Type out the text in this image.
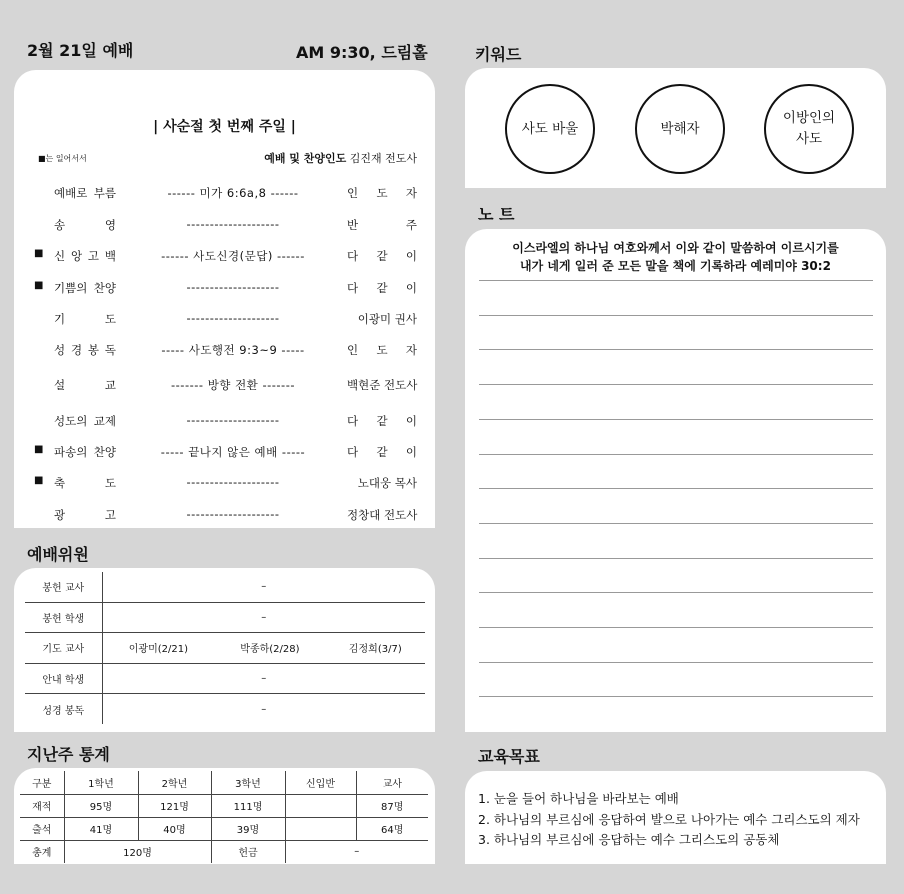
2월 21일 예배	AM 9:30, 드림홀
| 사순절 첫 번째 주일 |
■는 일어서서	예배 및 찬양인도 김진재 전도사
예배로 부름	------ 미가 6:6a,8 ------	인 도 자
송 영	--------------------	반 주
■ 신 앙 고 백	------ 사도신경(문답) ------	다 같 이
■ 기쁨의 찬양	--------------------	다 같 이
기 도	--------------------	이광미 권사
성 경 봉 독	----- 사도행전 9:3~9 -----	인 도 자
설 교	------- 방향 전환 -------	백현준 전도사
성도의 교제	--------------------	다 같 이
■ 파송의 찬양	----- 끝나지 않은 예배 -----	다 같 이
■ 축 도	--------------------	노대웅 목사
광 고	--------------------	정창대 전도사
예배위원
봉헌 교사	–		
봉헌 학생	–		
기도 교사	이광미(2/21)	박종하(2/28)	김정희(3/7)
안내 학생	–		
성경 봉독	–		
지난주 통계
구분	1학년	2학년	3학년	신입반	교사
재적	95명	121명	111명		87명
출석	41명	40명	39명		64명
총계	120명		헌금	–	
키워드
사도 바울	박해자
이방인의
사도
노 트
이스라엘의 하나님 여호와께서 이와 같이 말씀하여 이르시기를
내가 네게 일러 준 모든 말을 책에 기록하라 예레미야 30:2
교육목표
1. 눈을 들어 하나님을 바라보는 예배
2. 하나님의 부르심에 응답하여 발으로 나아가는 예수 그리스도의 제자
3. 하나님의 부르심에 응답하는 예수 그리스도의 공동체
